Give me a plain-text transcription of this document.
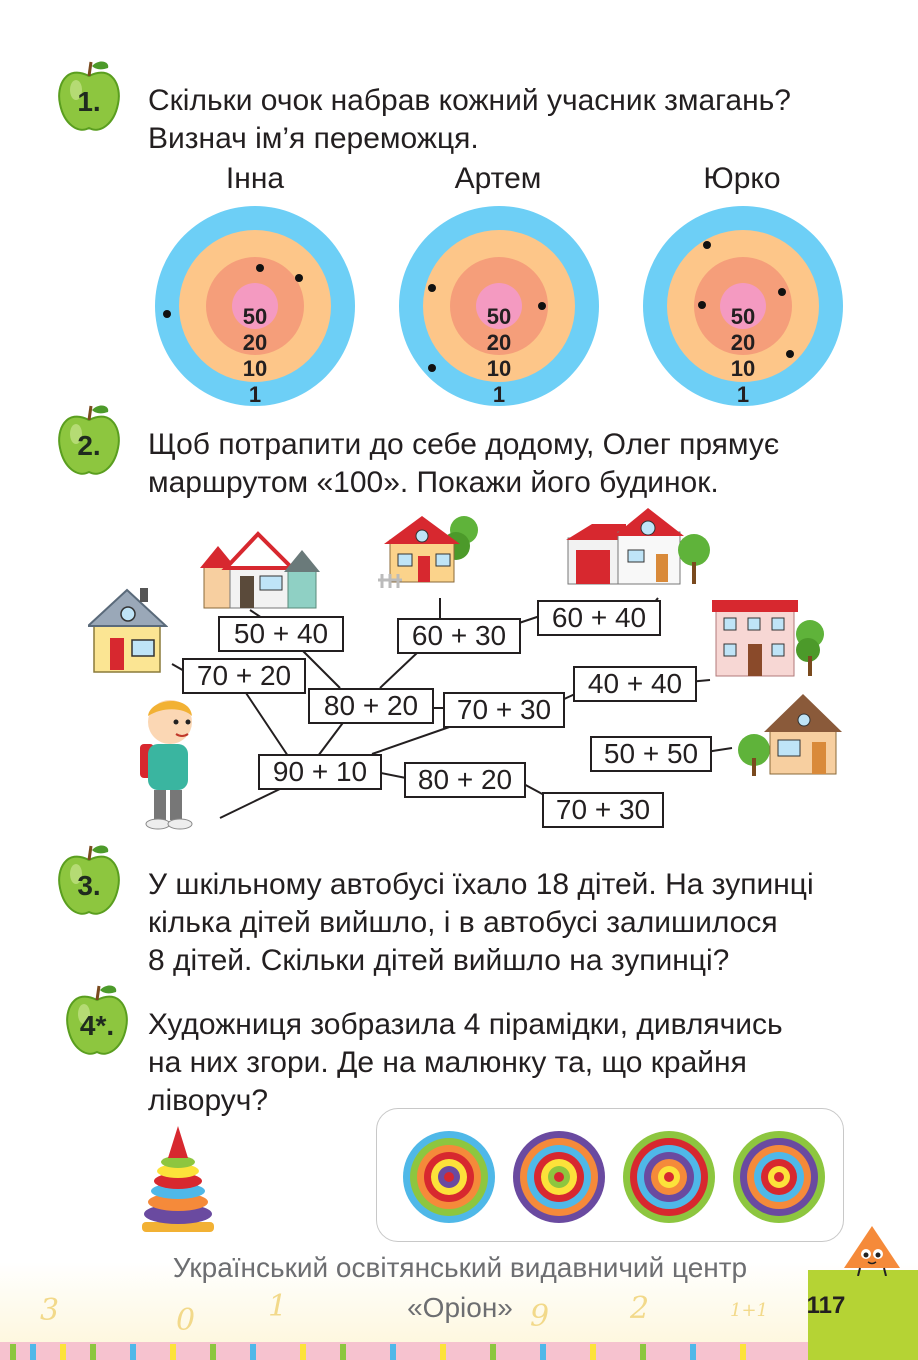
1.	Скільки очок набрав кожний учасник змагань?
Визнач ім’я переможця.
Інна	Артем	Юрко
50
20
10
1
50
20
10
1
50
20
10
1
2.	Щоб потрапити до себе додому, Олег прямує
маршрутом «100». Покажи його будинок.
50 + 40	60 + 30
60 + 40
70 + 20
80 + 20	70 + 30
40 + 40
50 + 50
90 + 10	80 + 20
70 + 30
3.	У шкільному автобусі їхало 18 дітей. На зупинці
кілька дітей вийшло, і в автобусі залишилося
8 дітей. Скільки дітей вийшло на зупинці?
4*.	Художниця зобразила 4 пірамідки, дивлячись
на них згори. Де на малюнку та, що крайня
ліворуч?
3	0 1	9	2	1+1
Український освітянський видавничий центр
«Оріон»	117
